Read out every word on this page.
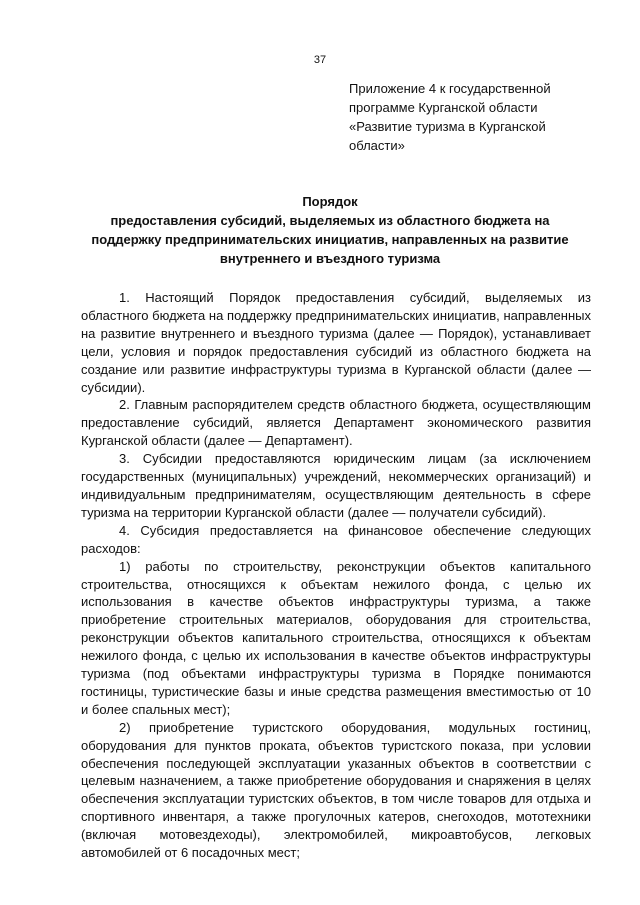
37
Приложение 4 к государственной
программе Курганской области
«Развитие туризма в Курганской
области»
Порядок
предоставления субсидий, выделяемых из областного бюджета на
поддержку предпринимательских инициатив, направленных на развитие
внутреннего и въездного туризма

1. Настоящий Порядок предоставления субсидий, выделяемых из областного бюджета на поддержку предпринимательских инициатив, направленных на развитие внутреннего и въездного туризма (далее — Порядок), устанавливает цели, условия и порядок предоставления субсидий из областного бюджета на создание или развитие инфраструктуры туризма в Курганской области (далее — субсидии).

2. Главным распорядителем средств областного бюджета, осуществляющим предоставление субсидий, является Департамент экономического развития Курганской области (далее — Департамент).

3. Субсидии предоставляются юридическим лицам (за исключением государственных (муниципальных) учреждений, некоммерческих организаций) и индивидуальным предпринимателям, осуществляющим деятельность в сфере туризма на территории Курганской области (далее — получатели субсидий).

4. Субсидия предоставляется на финансовое обеспечение следующих расходов:

1) работы по строительству, реконструкции объектов капитального строительства, относящихся к объектам нежилого фонда, с целью их использования в качестве объектов инфраструктуры туризма, а также приобретение строительных материалов, оборудования для строительства, реконструкции объектов капитального строительства, относящихся к объектам нежилого фонда, с целью их использования в качестве объектов инфраструктуры туризма (под объектами инфраструктуры туризма в Порядке понимаются гостиницы, туристические базы и иные средства размещения вместимостью от 10 и более спальных мест);

2) приобретение туристского оборудования, модульных гостиниц, оборудования для пунктов проката, объектов туристского показа, при условии обеспечения последующей эксплуатации указанных объектов в соответствии с целевым назначением, а также приобретение оборудования и снаряжения в целях обеспечения эксплуатации туристских объектов, в том числе товаров для отдыха и спортивного инвентаря, а также прогулочных катеров, снегоходов, мототехники (включая мотовездеходы), электромобилей, микроавтобусов, легковых автомобилей от 6 посадочных мест;
